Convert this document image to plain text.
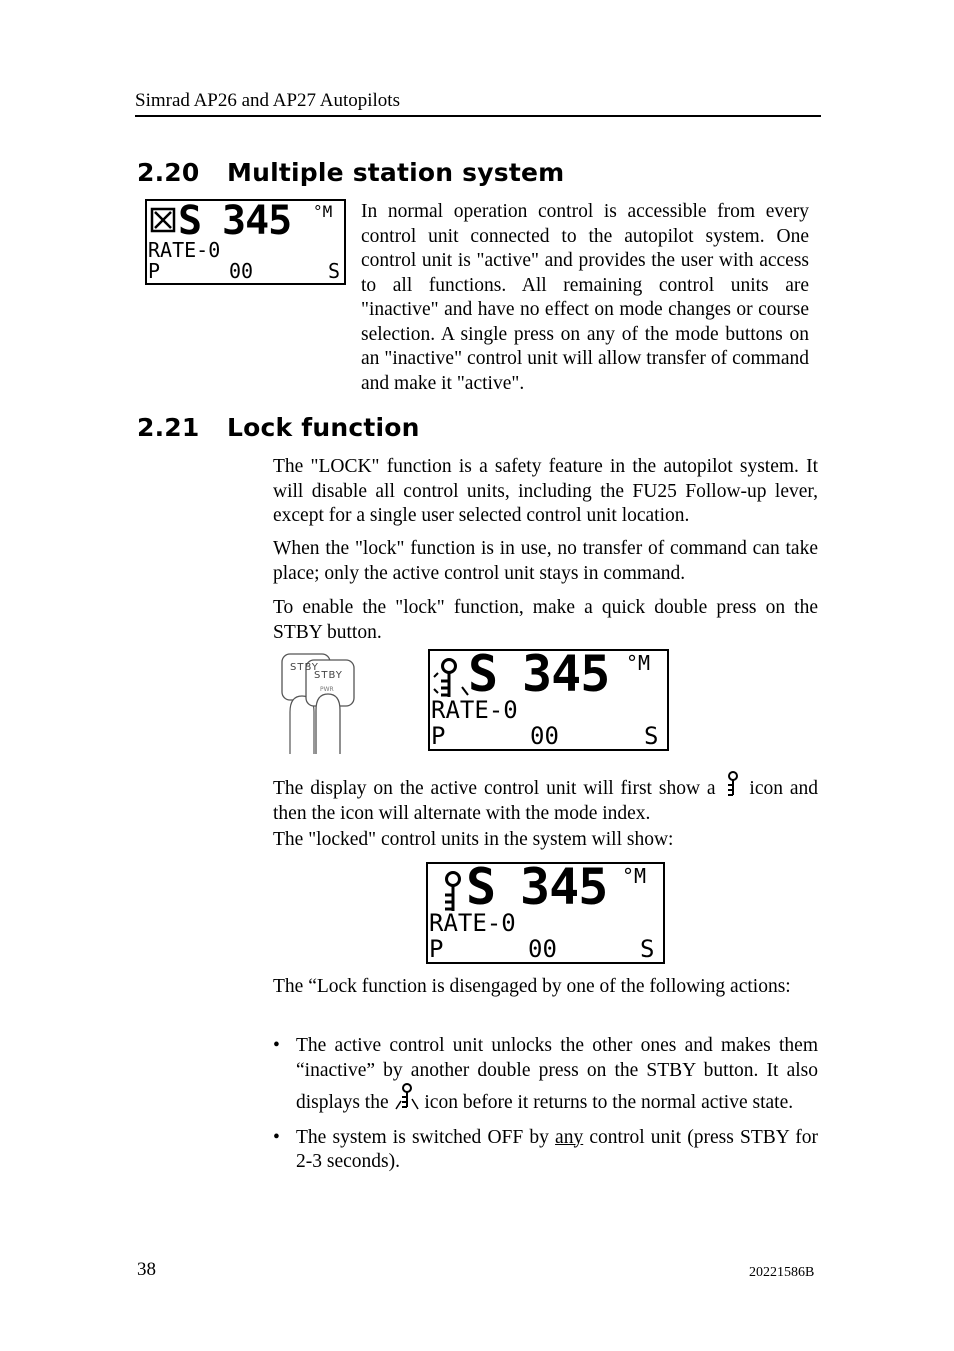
Simrad AP26 and AP27 Autopilots
2.20 Multiple station system
S 345 °M
RATE-0
P	00	S
In normal operation control is accessible from every control unit connected to the autopilot system. One control unit is "active" and provides the user with access to all functions. All remaining control units are "inactive" and have no effect on mode changes or course selection. A single press on any of the mode buttons on an "inactive" control unit will allow transfer of command and make it "active".
2.21 Lock function
The "LOCK" function is a safety feature in the autopilot system. It will disable all control units, including the FU25 Follow-up lever, except for a single user selected control unit location.
When the "lock" function is in use, no transfer of command can take place; only the active control unit stays in command.
To enable the "lock" function, make a quick double press on the STBY button.
STBY
STBY
PWR	S 345 °M
RATE-0
P	00	S
The display on the active control unit will first show a icon and then the icon will alternate with the mode index.
The "locked" control units in the system will show:
S 345 °M
RATE-0
P	00	S
The “Lock function is disengaged by one of the following actions:
• The active control unit unlocks the other ones and makes them “inactive” by another double press on the STBY button. It also displays the icon before it returns to the normal active state.
• The system is switched OFF by any control unit (press STBY for 2-3 seconds).
38	20221586B
